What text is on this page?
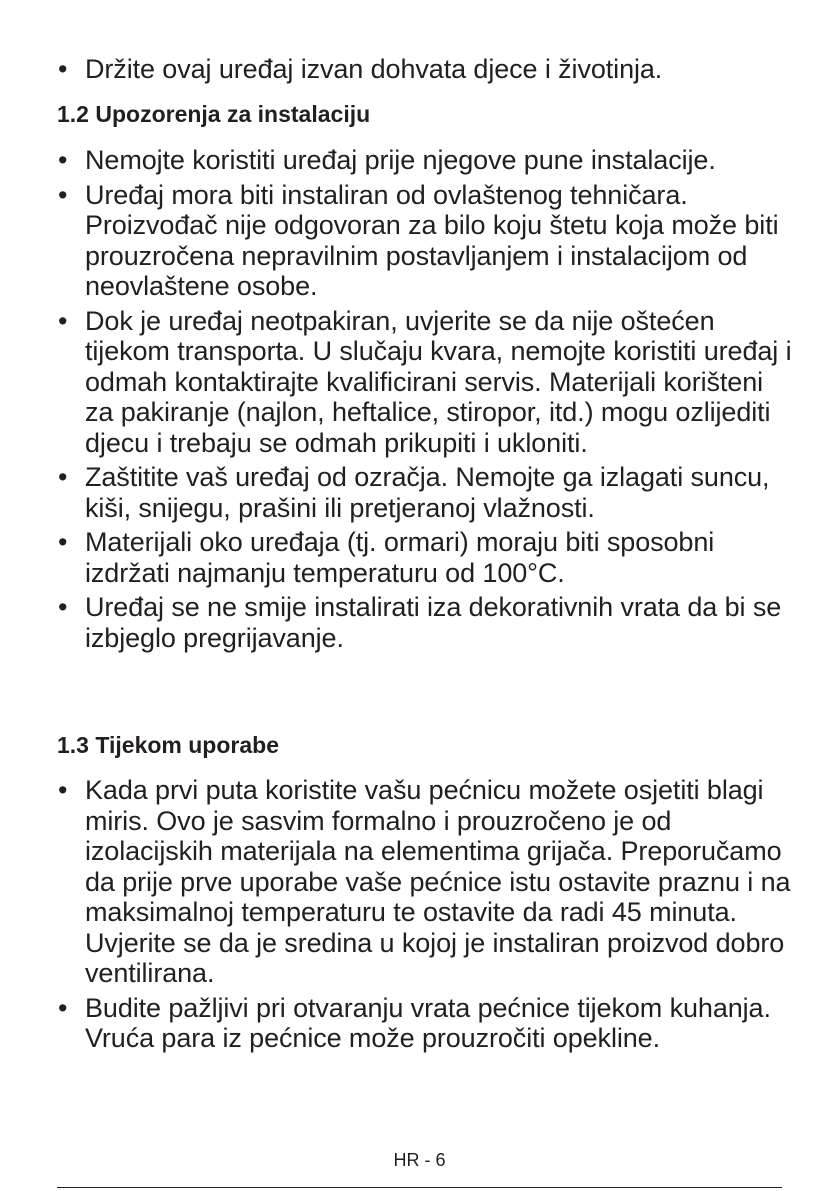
• Držite ovaj uređaj izvan dohvata djece i životinja.
1.2 Upozorenja za instalaciju
• Nemojte koristiti uređaj prije njegove pune instalacije.
• Uređaj mora biti instaliran od ovlaštenog tehničara. Proizvođač nije odgovoran za bilo koju štetu koja može biti prouzročena nepravilnim postavljanjem i instalacijom od neovlaštene osobe.
• Dok je uređaj neotpakiran, uvjerite se da nije oštećen tijekom transporta. U slučaju kvara, nemojte koristiti uređaj i odmah kontaktirajte kvalificirani servis. Materijali korišteni za pakiranje (najlon, heftalice, stiropor, itd.) mogu ozlijediti djecu i trebaju se odmah prikupiti i ukloniti.
• Zaštitite vaš uređaj od ozračja. Nemojte ga izlagati suncu, kiši, snijegu, prašini ili pretjeranoj vlažnosti.
• Materijali oko uređaja (tj. ormari) moraju biti sposobni izdržati najmanju temperaturu od 100°C.
• Uređaj se ne smije instalirati iza dekorativnih vrata da bi se izbjeglo pregrijavanje.
1.3 Tijekom uporabe
• Kada prvi puta koristite vašu pećnicu možete osjetiti blagi miris. Ovo je sasvim formalno i prouzročeno je od izolacijskih materijala na elementima grijača. Preporučamo da prije prve uporabe vaše pećnice istu ostavite praznu i na maksimalnoj temperaturu te ostavite da radi 45 minuta. Uvjerite se da je sredina u kojoj je instaliran proizvod dobro ventilirana.
• Budite pažljivi pri otvaranju vrata pećnice tijekom kuhanja. Vruća para iz pećnice može prouzročiti opekline.
HR - 6
